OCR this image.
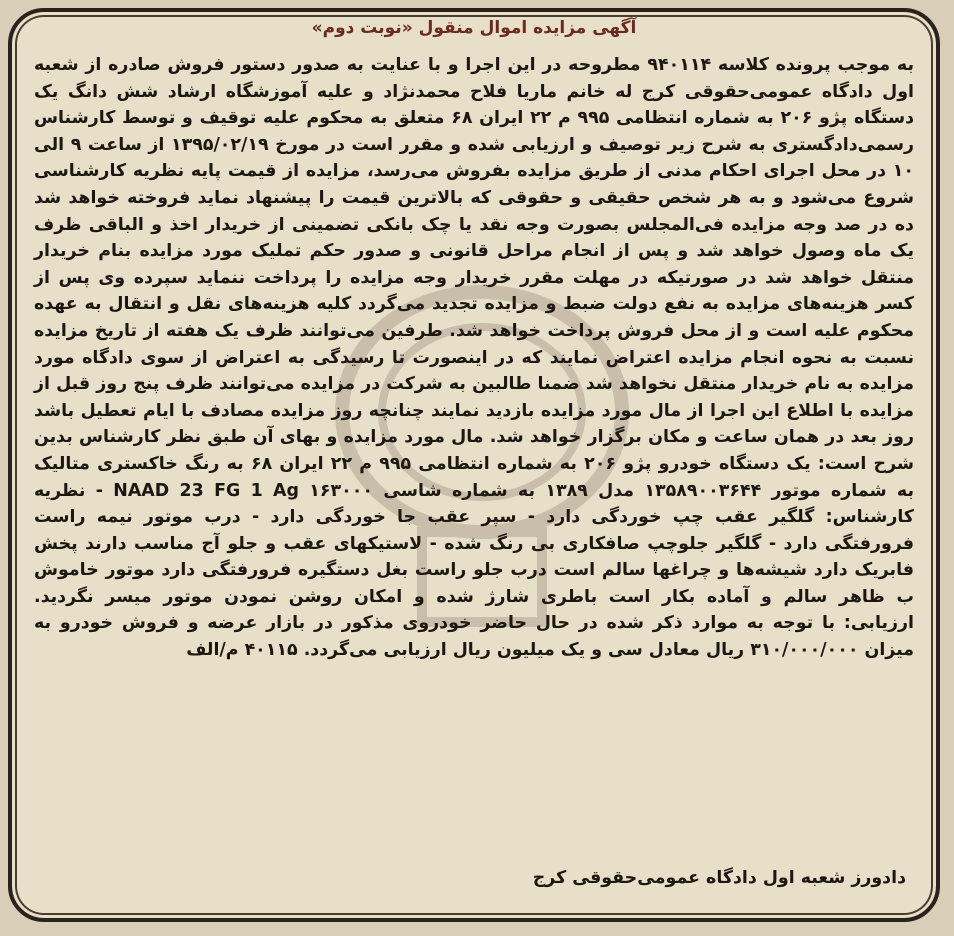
آگهی مزایده اموال منقول «نوبت دوم»

به موجب پرونده کلاسه ۹۴۰۱۱۴ مطروحه در این اجرا و با عنایت به صدور دستور فروش صادره از شعبه اول دادگاه عمومی‌حقوقی کرج له خانم ماریا فلاح محمدنژاد و علیه آموزشگاه ارشاد شش دانگ یک دستگاه پژو ۲۰۶ به شماره انتظامی ۹۹۵ م ۲۲ ایران ۶۸ متعلق به محکوم علیه توقیف و توسط کارشناس رسمی‌دادگستری به شرح زیر توصیف و ارزیابی شده و مقرر است در مورخ ۱۳۹۵/۰۲/۱۹ از ساعت ۹ الی ۱۰ در محل اجرای احکام مدنی از طریق مزایده بفروش می‌رسد، مزایده از قیمت پایه نظریه کارشناسی شروع می‌شود و به هر شخص حقیقی و حقوقی که بالاترین قیمت را پیشنهاد نماید فروخته خواهد شد ده در صد وجه مزایده فی‌المجلس بصورت وجه نقد یا چک بانکی تضمینی از خریدار اخذ و الباقی ظرف یک ماه وصول خواهد شد و پس از انجام مراحل قانونی و صدور حکم تملیک مورد مزایده بنام خریدار منتقل خواهد شد در صورتیکه در مهلت مقرر خریدار وجه مزایده را پرداخت ننماید سپرده وی پس از کسر هزینه‌های مزایده به نفع دولت ضبط و مزایده تجدید می‌گردد کلیه هزینه‌های نقل و انتقال به عهده محکوم علیه است و از محل فروش پرداخت خواهد شد. طرفین می‌توانند ظرف یک هفته از تاریخ مزایده نسبت به نحوه انجام مزایده اعتراض نمایند که در اینصورت تا رسیدگی به اعتراض از سوی دادگاه مورد مزایده به نام خریدار منتقل نخواهد شد ضمنا طالبین به شرکت در مزایده می‌توانند ظرف پنج روز قبل از مزایده با اطلاع این اجرا از مال مورد مزایده بازدید نمایند چنانچه روز مزایده مصادف با ایام تعطیل باشد روز بعد در همان ساعت و مکان برگزار خواهد شد. مال مورد مزایده و بهای آن طبق نظر کارشناس بدین شرح است: یک دستگاه خودرو پژو ۲۰۶ به شماره انتظامی ۹۹۵ م ۲۲ ایران ۶۸ به رنگ خاکستری متالیک به شماره موتور ۱۳۵۸۹۰۰۳۶۴۴ مدل ۱۳۸۹ به شماره شاسی NAAD 23 FG 1 Ag ۱۶۳۰۰۰ - نظریه کارشناس: گلگیر عقب چپ خوردگی دارد - سپر عقب جا خوردگی دارد - درب موتور نیمه راست فرورفتگی دارد - گلگیر جلوچپ صافکاری بی رنگ شده - لاستیکهای عقب و جلو آج مناسب دارند پخش فابریک دارد شیشه‌ها و چراغها سالم است درب جلو راست بغل دستگیره فرورفتگی دارد موتور خاموش ب ظاهر سالم و آماده بکار است باطری شارژ شده و امکان روشن نمودن موتور میسر نگردید.

ارزیابی: با توجه به موارد ذکر شده در حال حاضر خودروی مذکور در بازار عرضه و فروش خودرو به میزان ۳۱۰/۰۰۰/۰۰۰ ریال معادل سی و یک میلیون ریال ارزیابی می‌گردد. ۴۰۱۱۵ م/الف

دادورز شعبه اول دادگاه عمومی‌حقوقی کرج
